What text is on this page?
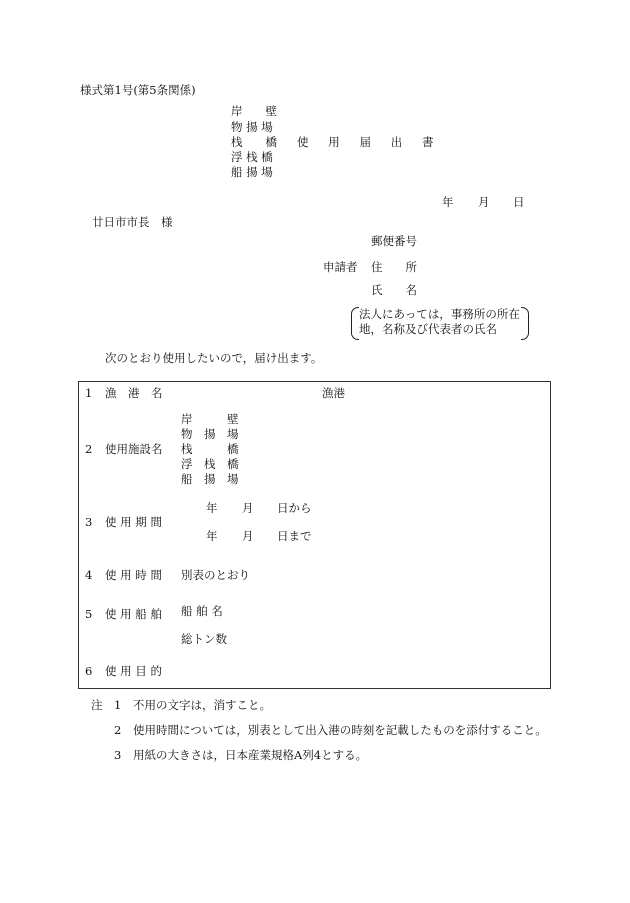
様式第1号(第5条関係)
岸　　壁
物 揚 場
栈　　橋
浮 栈 橋
船 揚 場
使 用 届 出 書
年 月 日
廿日市市長　様
郵便番号
申請者 住　　所
氏　　名
法人にあっては，事務所の所在
地，名称及び代表者の氏名
次のとおり使用したいので，届け出ます。
1 漁　港　名	漁港
2 使用施設名
岸　　　壁
物　揚　場
栈　　　橋
浮　栈　橋
船　揚　場
3 使 用 期 間
年 月 日から
年 月 日まで
4 使 用 時 間 別表のとおり
5 使 用 船 舶 船 舶 名
総トン数
6 使 用 目 的
注 1 不用の文字は，消すこと。
2 使用時間については，別表として出入港の時刻を記載したものを添付すること。
3 用紙の大きさは，日本産業規格A列4とする。
